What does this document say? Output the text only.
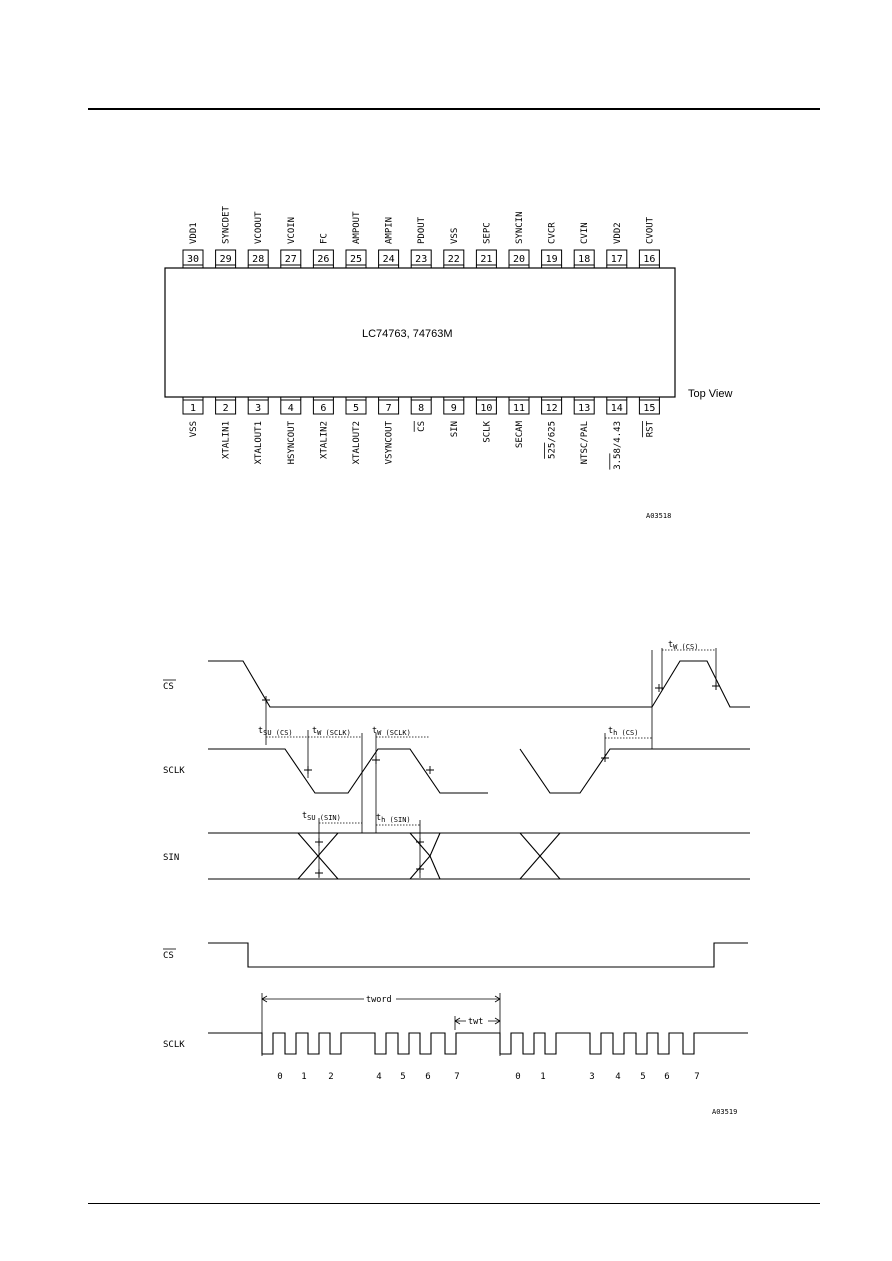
30
VDD1
29
SYNCDET
28
VCOOUT
27
VCOIN
26
FC
25
AMPOUT
24
AMPIN
23
PDOUT
22
VSS
21
SEPC
20
SYNCIN
19
CVCR
18
CVIN
17
VDD2
16
CVOUT
1
VSS
2
XTALIN1
3
XTALOUT1
4
HSYNCOUT
6
XTALIN2
5
XTALOUT2
7
VSYNCOUT
8
CS
9
SIN
10
SCLK
11
SECAM
12
525/625
13
NTSC/PAL
14
3.58/4.43
15
RST
LC74763, 74763M
Top View
A03518
CS
SCLK
SIN
CS
SCLK
$t_{W (CS)}$
$t_{SU (CS)}$ $t_{W (SCLK)}$ $t_{W (SCLK)}$	$t_{h (CS)}$
$t_{SU (SIN)}$	$t_{h (SIN)}$
tword
twt
0 1 2	4 5 6	7	0 1	3 4 5 6	7
A03519
